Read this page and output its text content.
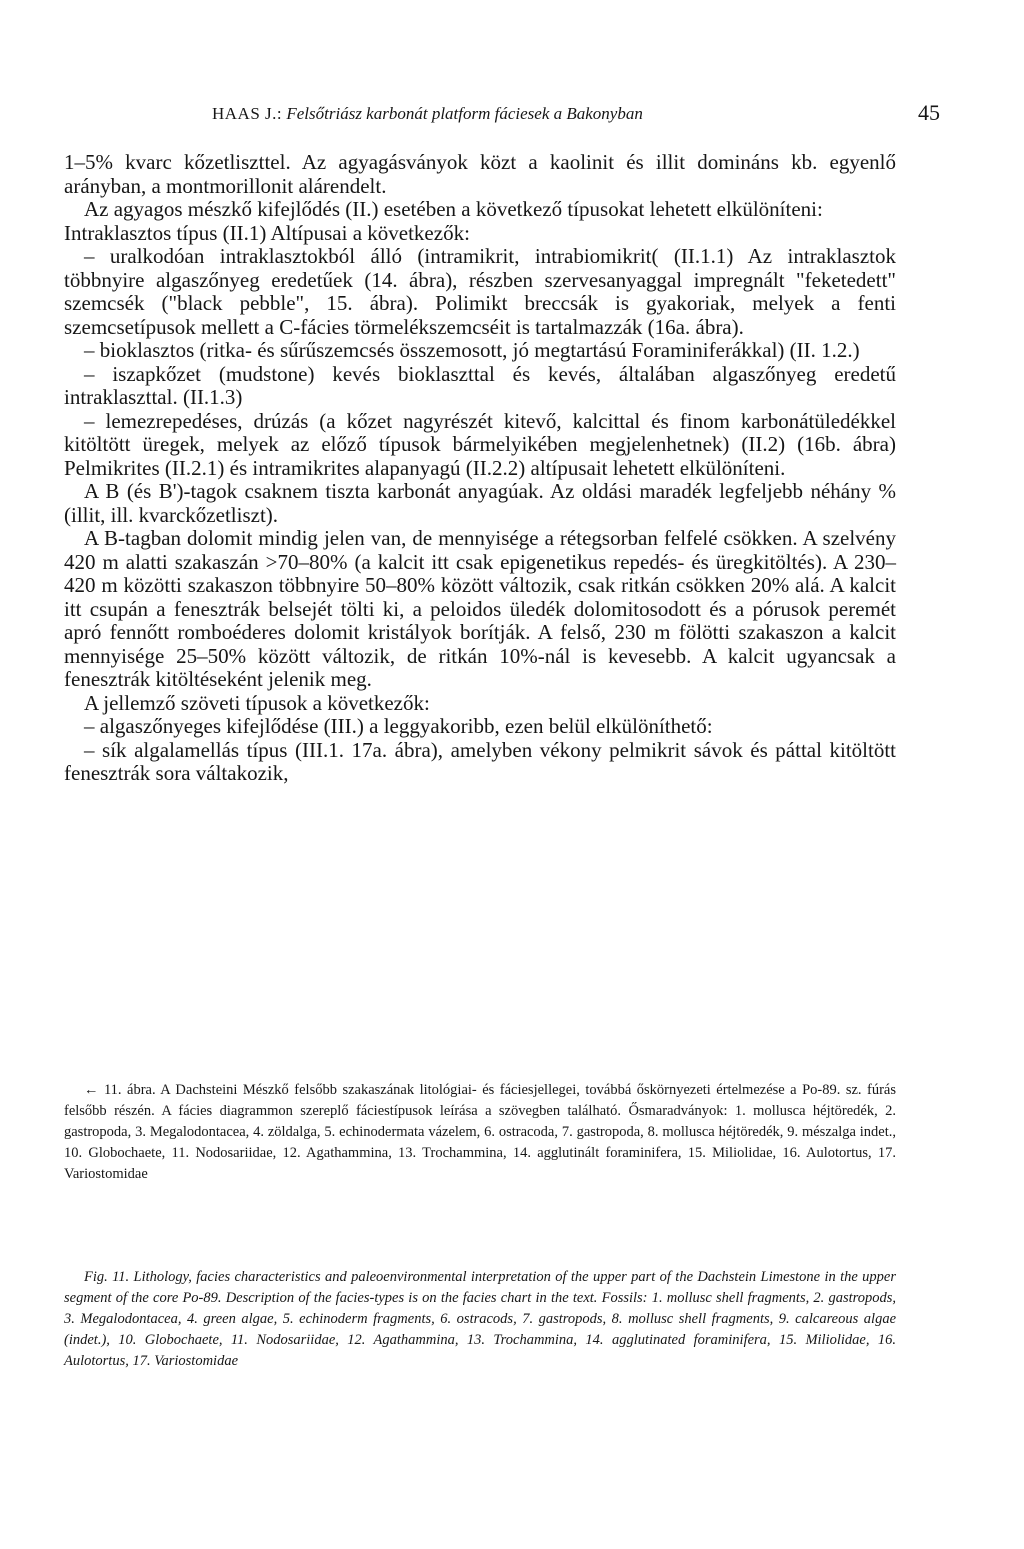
HAAS J.: Felsőtriász karbonát platform fáciesek a Bakonyban	45

1–5% kvarc kőzetliszttel. Az agyagásványok közt a kaolinit és illit domináns kb. egyenlő arányban, a montmorillonit alárendelt.

Az agyagos mészkő kifejlődés (II.) esetében a következő típusokat lehetett elkülöníteni:

Intraklasztos típus (II.1) Altípusai a következők:

– uralkodóan intraklasztokból álló (intramikrit, intrabiomikrit( (II.1.1) Az intraklasztok többnyire algaszőnyeg eredetűek (14. ábra), részben szervesanyaggal impregnált "feketedett" szemcsék ("black pebble", 15. ábra). Polimikt breccsák is gyakoriak, melyek a fenti szemcsetípusok mellett a C-fácies törmelékszemcséit is tartalmazzák (16a. ábra).

– bioklasztos (ritka- és sűrűszemcsés összemosott, jó megtartású Foraminiferákkal) (II. 1.2.)

– iszapkőzet (mudstone) kevés bioklaszttal és kevés, általában algaszőnyeg eredetű intraklaszttal. (II.1.3)

– lemezrepedéses, drúzás (a kőzet nagyrészét kitevő, kalcittal és finom karbonátüledékkel kitöltött üregek, melyek az előző típusok bármelyikében megjelenhetnek) (II.2) (16b. ábra) Pelmikrites (II.2.1) és intramikrites alapanyagú (II.2.2) altípusait lehetett elkülöníteni.

A B (és B')-tagok csaknem tiszta karbonát anyagúak. Az oldási maradék legfeljebb néhány % (illit, ill. kvarckőzetliszt).

A B-tagban dolomit mindig jelen van, de mennyisége a rétegsorban felfelé csökken. A szelvény 420 m alatti szakaszán >70–80% (a kalcit itt csak epigenetikus repedés- és üregkitöltés). A 230–420 m közötti szakaszon többnyire 50–80% között változik, csak ritkán csökken 20% alá. A kalcit itt csupán a fenesztrák belsejét tölti ki, a peloidos üledék dolomitosodott és a pórusok peremét apró fennőtt romboéderes dolomit kristályok borítják. A felső, 230 m fölötti szakaszon a kalcit mennyisége 25–50% között változik, de ritkán 10%-nál is kevesebb. A kalcit ugyancsak a fenesztrák kitöltéseként jelenik meg.

A jellemző szöveti típusok a következők:

– algaszőnyeges kifejlődése (III.) a leggyakoribb, ezen belül elkülöníthető:

– sík algalamellás típus (III.1. 17a. ábra), amelyben vékony pelmikrit sávok és páttal kitöltött fenesztrák sora váltakozik,

← 11. ábra. A Dachsteini Mészkő felsőbb szakaszának litológiai- és fáciesjellegei, továbbá őskörnyezeti értelmezése a Po-89. sz. fúrás felsőbb részén. A fácies diagrammon szereplő fáciestípusok leírása a szövegben található. Ősmaradványok: 1. mollusca héjtöredék, 2. gastropoda, 3. Megalodontacea, 4. zöldalga, 5. echinodermata vázelem, 6. ostracoda, 7. gastropoda, 8. mollusca héjtöredék, 9. mészalga indet., 10. Globochaete, 11. Nodosariidae, 12. Agathammina, 13. Trochammina, 14. agglutinált foraminifera, 15. Miliolidae, 16. Aulotortus, 17. Variostomidae

Fig. 11. Lithology, facies characteristics and paleoenvironmental interpretation of the upper part of the Dachstein Limestone in the upper segment of the core Po-89. Description of the facies-types is on the facies chart in the text. Fossils: 1. mollusc shell fragments, 2. gastropods, 3. Megalodontacea, 4. green algae, 5. echinoderm fragments, 6. ostracods, 7. gastropods, 8. mollusc shell fragments, 9. calcareous algae (indet.), 10. Globochaete, 11. Nodosariidae, 12. Agathammina, 13. Trochammina, 14. agglutinated foraminifera, 15. Miliolidae, 16. Aulotortus, 17. Variostomidae
